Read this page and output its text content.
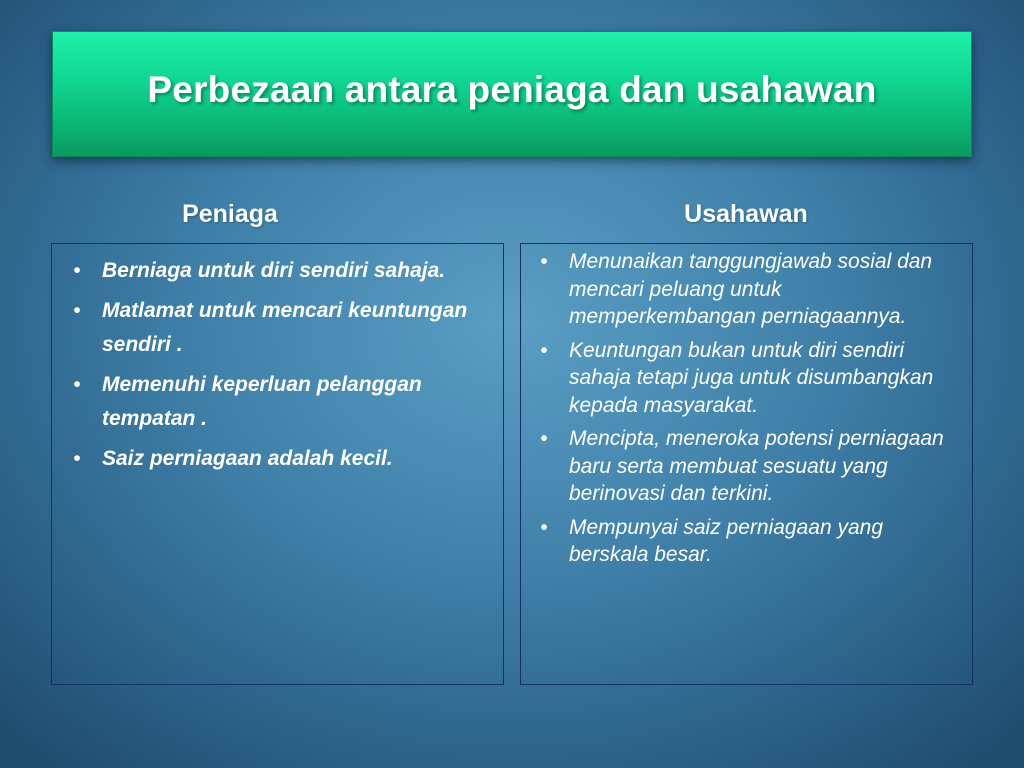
Perbezaan antara peniaga dan usahawan
Peniaga	Usahawan
•	Berniaga untuk diri sendiri sahaja.
•	Matlamat untuk mencari keuntungan sendiri .
•	Memenuhi keperluan pelanggan tempatan .
•	Saiz perniagaan adalah kecil.
•	Menunaikan tanggungjawab sosial dan mencari peluang untuk memperkembangan perniagaannya.
•	Keuntungan bukan untuk diri sendiri sahaja tetapi juga untuk disumbangkan kepada masyarakat.
•	Mencipta, meneroka potensi perniagaan baru serta membuat sesuatu yang berinovasi dan terkini.
•	Mempunyai saiz perniagaan yang berskala besar.
